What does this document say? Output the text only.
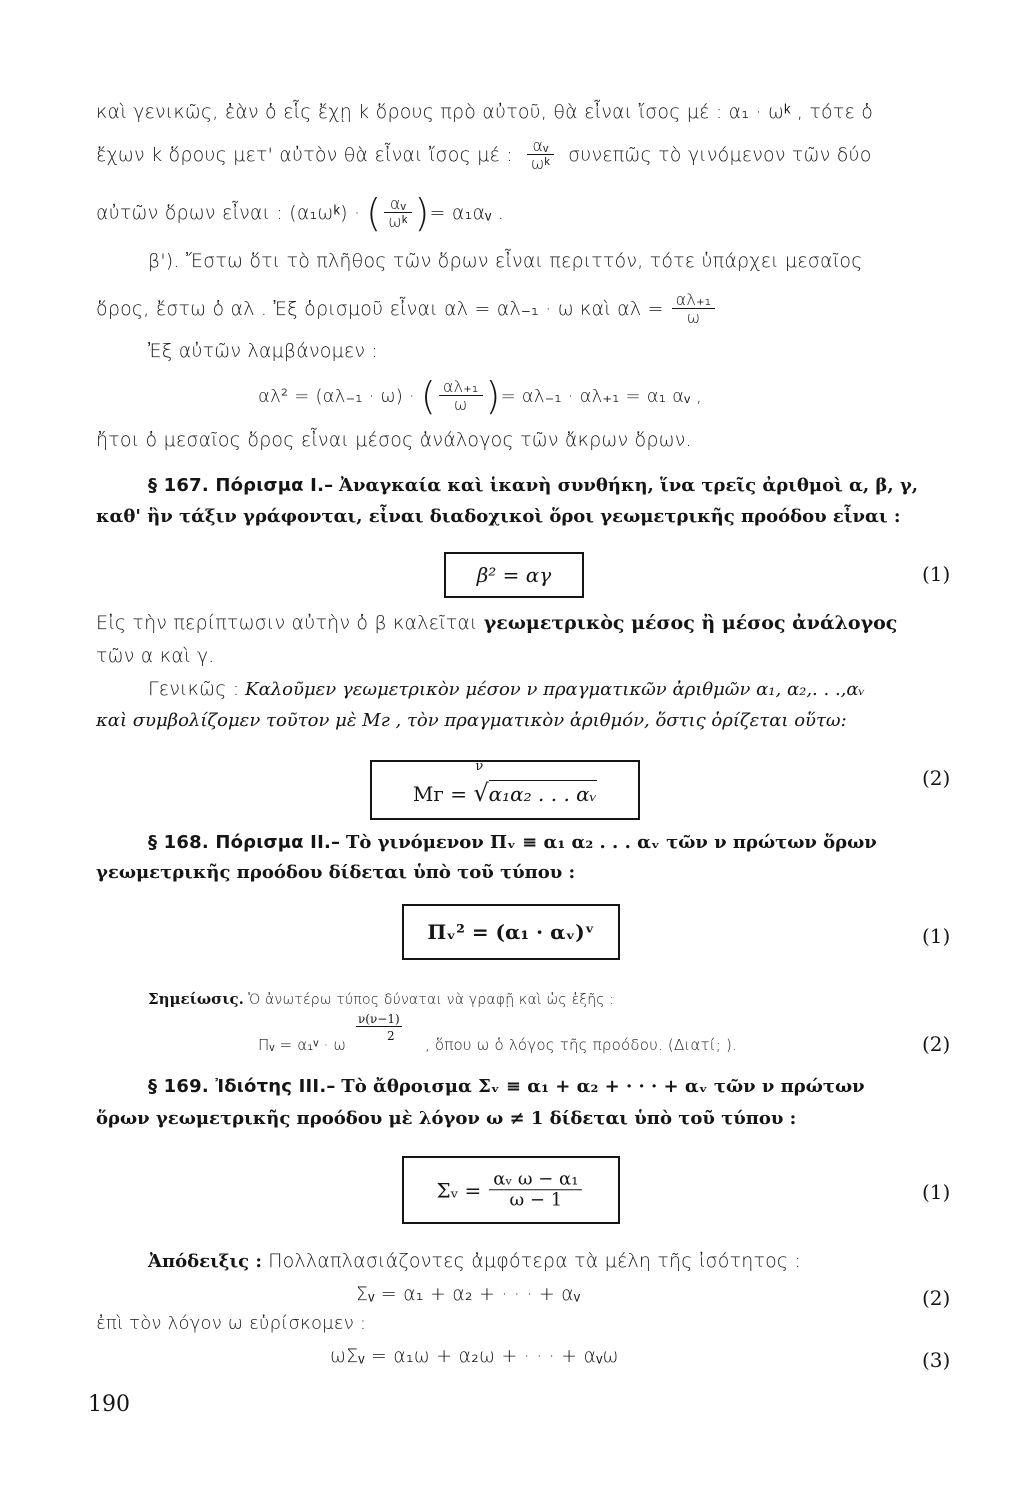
καὶ γενικῶς, ἐὰν ὁ εἷς ἔχῃ k ὅρους πρὸ αὐτοῦ, θὰ εἶναι ἴσος μέ : α₁ · ωᵏ , τότε ὁ
ἔχων k ὅρους μετ' αὐτὸν θὰ εἶναι ἴσος μέ : $\frac{\text{αᵥ}}{\text{ωᵏ}}$ συνεπῶς τὸ γινόμενον τῶν δύο
αὐτῶν ὅρων εἶναι : (α₁ωᵏ) · ( $\frac{\text{αᵥ}}{\text{ωᵏ}}$ ) = α₁αᵥ .
β'). Ἔστω ὅτι τὸ πλῆθος τῶν ὅρων εἶναι περιττόν, τότε ὑπάρχει μεσαῖος
ὅρος, ἔστω ὁ αλ . Ἐξ ὁρισμοῦ εἶναι αλ = αλ₋₁ · ω καὶ $\alpha\lambda = \frac{\text{αλ₊₁}}{\omega}$
Ἐξ αὐτῶν λαμβάνομεν :
αλ² = (αλ₋₁ · ω) · ( $\frac{\text{αλ₊₁}}{\omega}$ ) = αλ₋₁ · αλ₊₁ = α₁ αᵥ ,
ἤτοι ὁ μεσαῖος ὅρος εἶναι μέσος ἀνάλογος τῶν ἄκρων ὅρων.
§ 167. Πόρισμα I.– Ἀναγκαία καὶ ἱκανὴ συνθήκη, ἵνα τρεῖς ἀριθμοὶ α, β, γ,
καθ' ἣν τάξιν γράφονται, εἶναι διαδοχικοὶ ὅροι γεωμετρικῆς προόδου εἶναι :
β² = αγ	(1)
Εἰς τὴν περίπτωσιν αὐτὴν ὁ β καλεῖται γεωμετρικὸς μέσος ἢ μέσος ἀνάλογος
τῶν α καὶ γ.
Γενικῶς : Καλοῦμεν γεωμετρικὸν μέσον ν πραγματικῶν ἀριθμῶν α₁, α₂,. . .,αᵥ
καὶ συμβολίζομεν τοῦτον μὲ Mг , τὸν πραγματικὸν ἀριθμόν, ὅστις ὁρίζεται οὕτω:
Mг =
ν
√α₁α₂ . . . αᵥ
(2)
§ 168. Πόρισμα II.– Τὸ γινόμενον Πᵥ ≡ α₁ α₂ . . . αᵥ τῶν ν πρώτων ὅρων
γεωμετρικῆς προόδου δίδεται ὑπὸ τοῦ τύπου :
Πᵥ² = (α₁ · αᵥ)ᵛ	(1)
Σημείωσις. Ὁ ἀνωτέρω τύπος δύναται νὰ γραφῇ καὶ ὡς ἑξῆς :
ν(ν−1)
2
Πᵥ = α₁ᵛ · ω	, ὅπου ω ὁ λόγος τῆς προόδου. (Διατί; ).	(2)
§ 169. Ἰδιότης III.– Τὸ ἄθροισμα Σᵥ ≡ α₁ + α₂ + · · · + αᵥ τῶν ν πρώτων
ὅρων γεωμετρικῆς προόδου μὲ λόγον ω ≠ 1 δίδεται ὑπὸ τοῦ τύπου :
Σᵥ = $\frac{\text{αᵥ ω − α₁}}{\omega - 1}$	(1)
Ἀπόδειξις : Πολλαπλασιάζοντες ἀμφότερα τὰ μέλη τῆς ἰσότητος :
Σᵥ = α₁ + α₂ + · · · + αᵥ	(2)
ἐπὶ τὸν λόγον ω εὑρίσκομεν :
ωΣᵥ = α₁ω + α₂ω + · · · + αᵥω	(3)
190
